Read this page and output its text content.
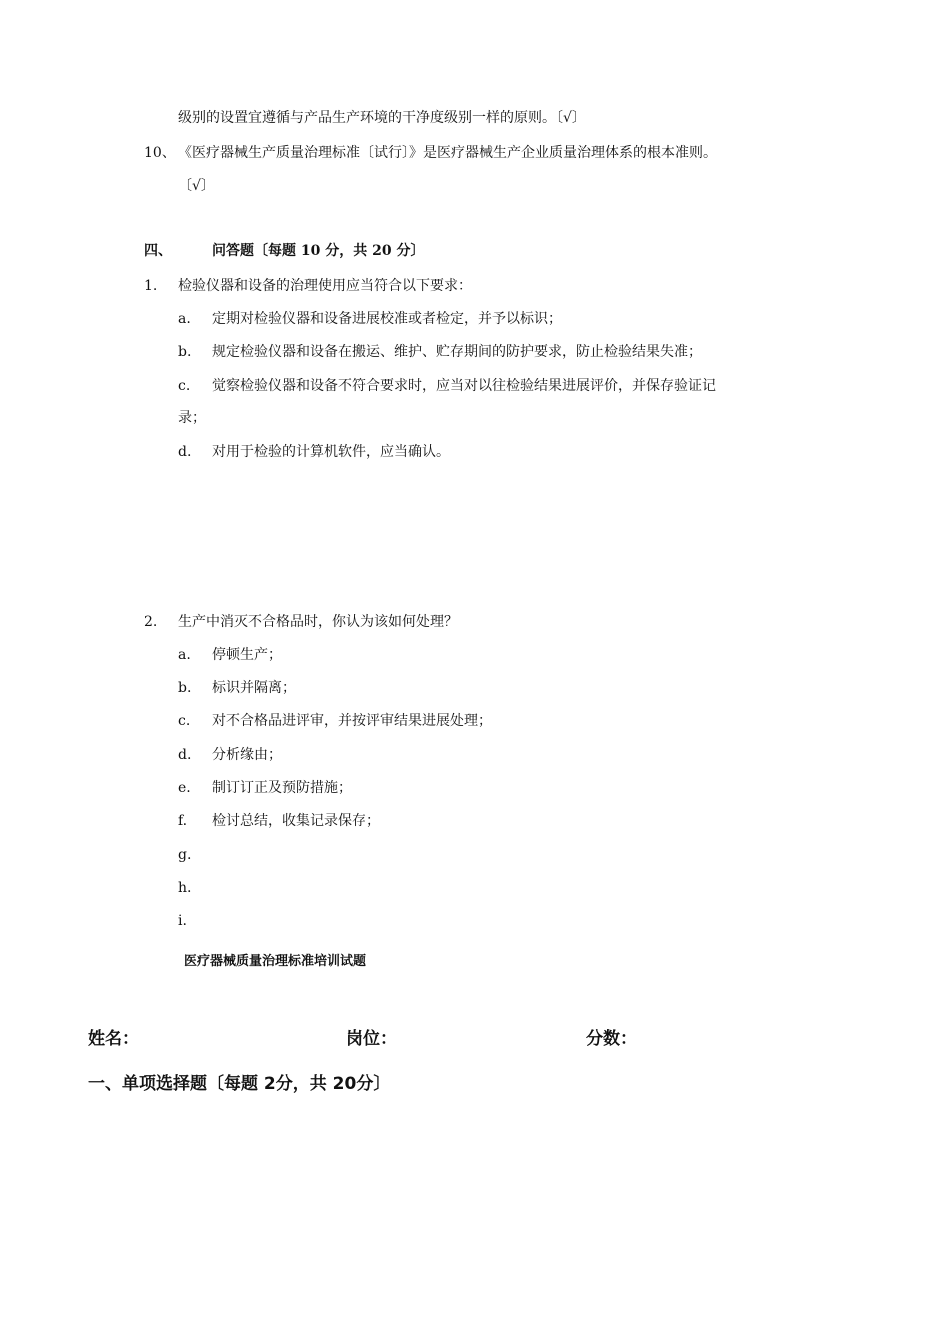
级别的设置宜遵循与产品生产环境的干净度级别一样的原则。〔√〕
10、 《医疗器械生产质量治理标准〔试行〕》是医疗器械生产企业质量治理体系的根本准则。
〔√〕
四、	问答题〔每题 10 分，共 20 分〕
1. 检验仪器和设备的治理使用应当符合以下要求：
a. 定期对检验仪器和设备进展校准或者检定，并予以标识；
b. 规定检验仪器和设备在搬运、维护、贮存期间的防护要求，防止检验结果失准；
c. 觉察检验仪器和设备不符合要求时，应当对以往检验结果进展评价，并保存验证记
录；
d. 对用于检验的计算机软件，应当确认。
2. 生产中消灭不合格品时，你认为该如何处理？
a. 停顿生产；
b. 标识并隔离；
c. 对不合格品进评审，并按评审结果进展处理；
d. 分析缘由；
e. 制订订正及预防措施；
f. 检讨总结，收集记录保存；
g.
h.
i.
医疗器械质量治理标准培训试题
姓名：	岗位：	分数：
一、单项选择题〔每题 2分，共 20分〕
